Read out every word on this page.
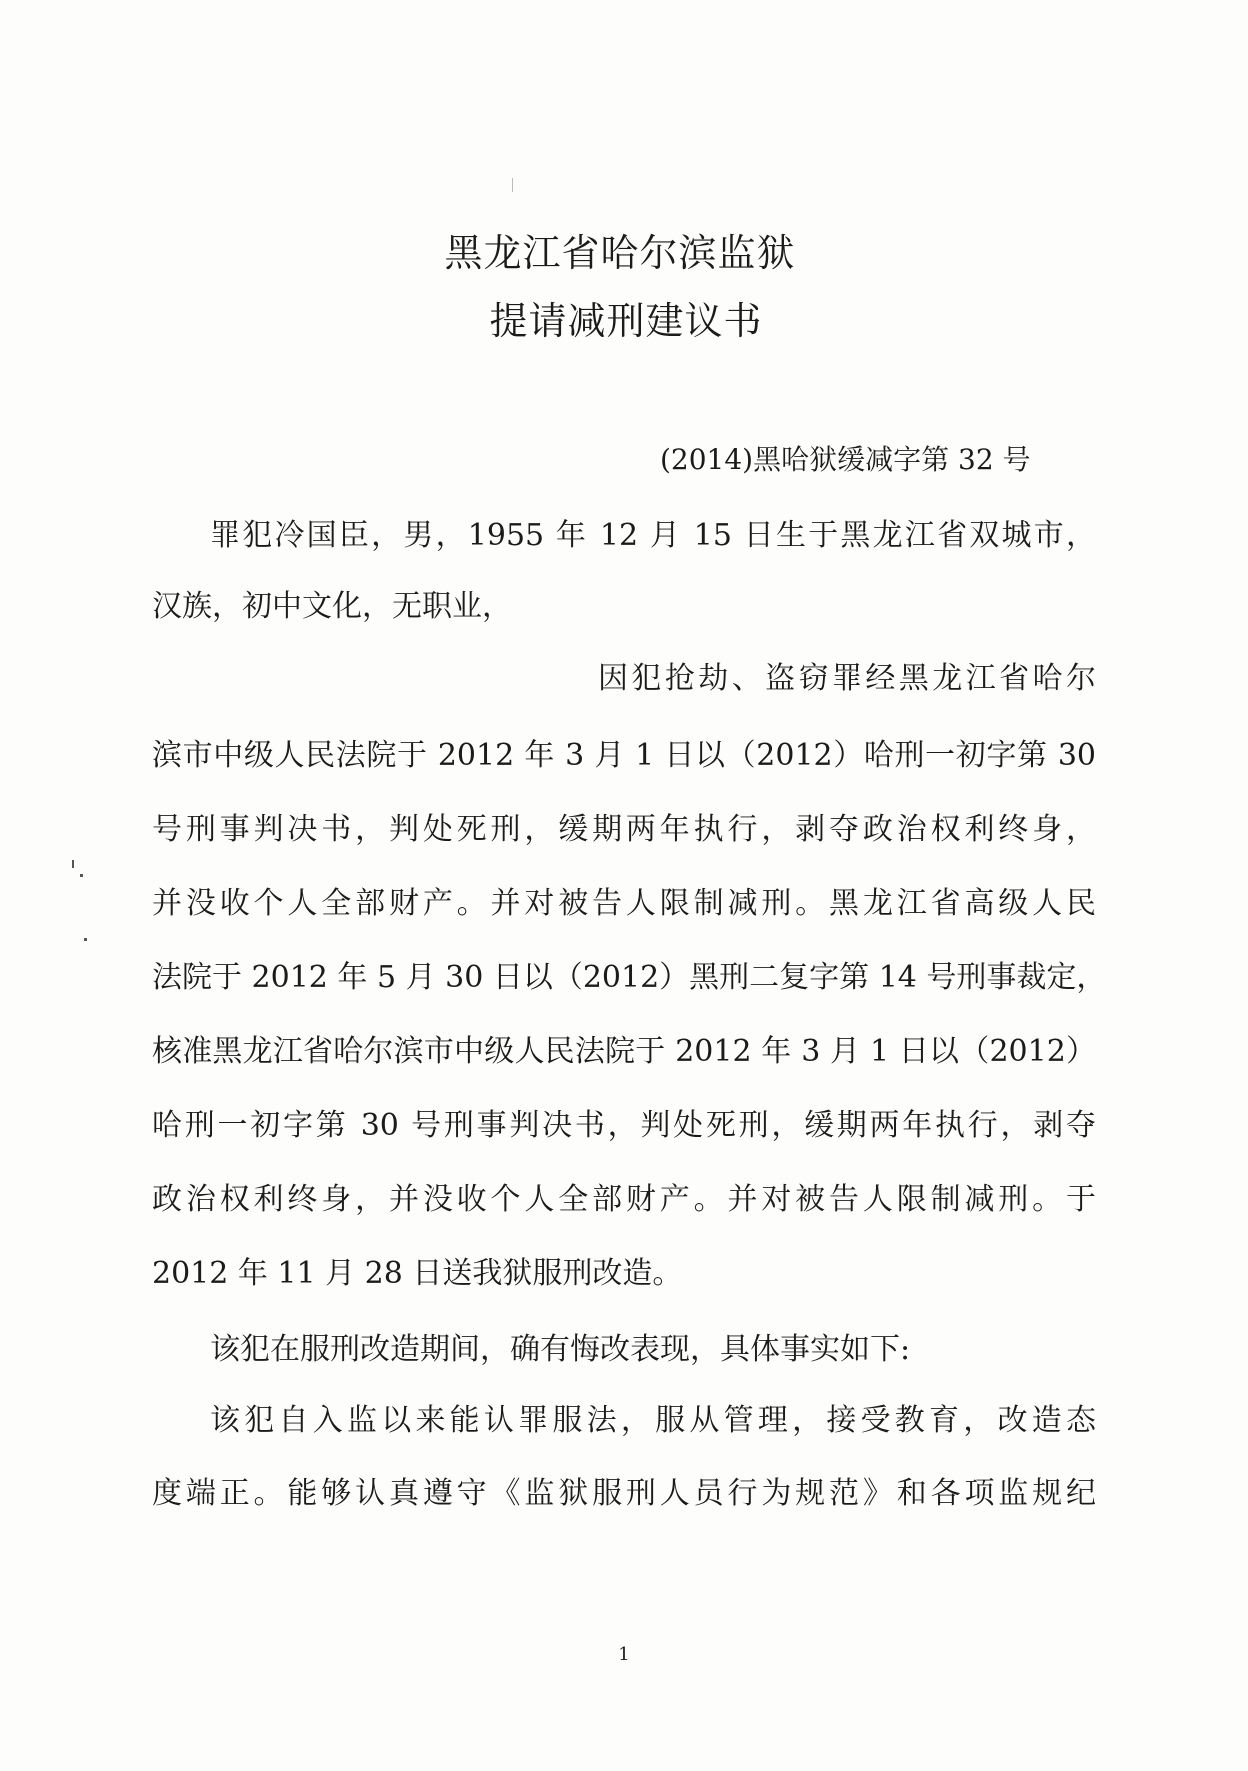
黑龙江省哈尔滨监狱
提请减刑建议书
(2014)黑哈狱缓减字第 32 号
罪犯冷国臣，男，1955 年 12 月 15 日生于黑龙江省双城市，
汉族，初中文化，无职业，
因犯抢劫、盗窃罪经黑龙江省哈尔
滨市中级人民法院于 2012 年 3 月 1 日以（2012）哈刑一初字第 30
号刑事判决书，判处死刑，缓期两年执行，剥夺政治权利终身，
并没收个人全部财产。并对被告人限制减刑。黑龙江省高级人民
法院于 2012 年 5 月 30 日以（2012）黑刑二复字第 14 号刑事裁定，
核准黑龙江省哈尔滨市中级人民法院于 2012 年 3 月 1 日以（2012）
哈刑一初字第 30 号刑事判决书，判处死刑，缓期两年执行，剥夺
政治权利终身，并没收个人全部财产。并对被告人限制减刑。于
2012 年 11 月 28 日送我狱服刑改造。
该犯在服刑改造期间，确有悔改表现，具体事实如下:
该犯自入监以来能认罪服法，服从管理，接受教育，改造态
度端正。能够认真遵守《监狱服刑人员行为规范》和各项监规纪
1
